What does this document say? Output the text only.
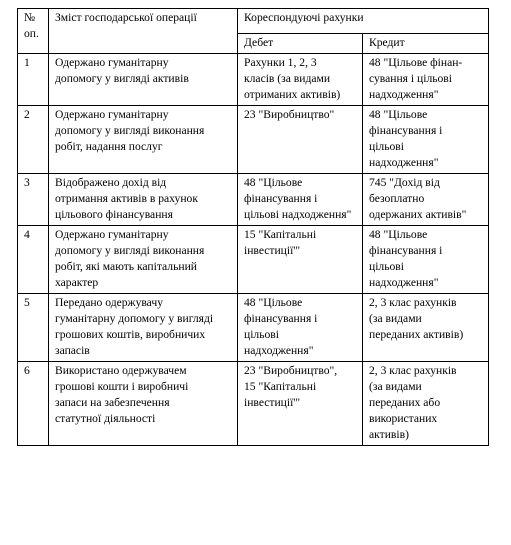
№
оп.	Зміст господарської операції	Кореспондуючі рахунки	
		Дебет	Кредит
1	Одержано гуманітарну
допомогу у вигляді активів	Рахунки 1, 2, 3
класів (за видами
отриманих активів)	48 "Цільове фінан-
сування і цільові
надходження"
2	Одержано гуманітарну
допомогу у вигляді виконання
робіт, надання послуг	23 "Виробництво"	48 "Цільове
фінансування і
цільові
надходження"
3	Відображено дохід від
отримання активів в рахунок
цільового фінансування	48 "Цільове
фінансування і
цільові надходження"	745 "Дохід від
безоплатно
одержаних активів"
4	Одержано гуманітарну
допомогу у вигляді виконання
робіт, які мають капітальний
характер	15 "Капітальні
інвестиції'"	48 "Цільове
фінансування і
цільові
надходження"
5	Передано одержувачу
гуманітарну допомогу у вигляді
грошових коштів, виробничих
запасів	48 "Цільове
фінансування і
цільові
надходження"	2, 3 клас рахунків
(за видами
переданих активів)
6	Використано одержувачем
грошові кошти і виробничі
запаси на забезпечення
статутної діяльності	23 "Виробництво",
15 "Капітальні
інвестиції'"	2, 3 клас рахунків
(за видами
переданих або
використаних
активів)
